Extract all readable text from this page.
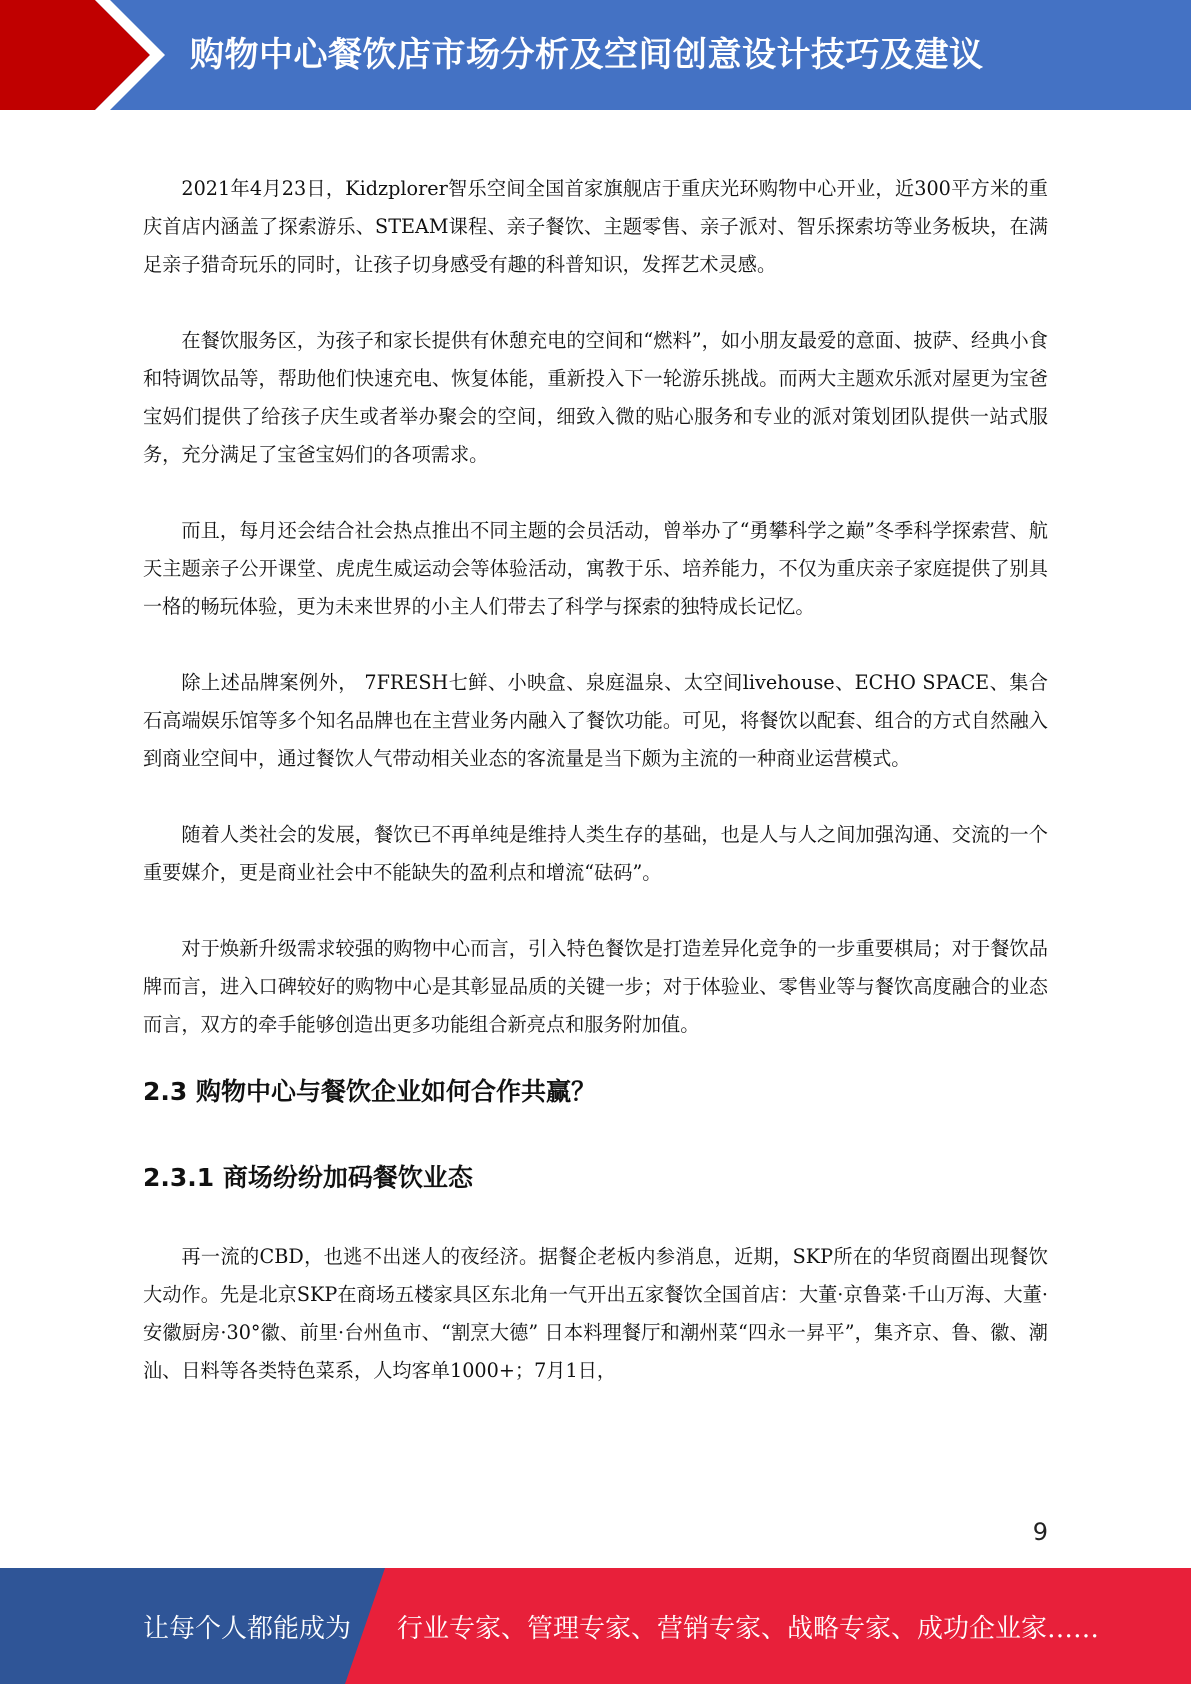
购物中心餐饮店市场分析及空间创意设计技巧及建议

2021年4月23日，Kidzplorer智乐空间全国首家旗舰店于重庆光环购物中心开业，近300平方米的重庆首店内涵盖了探索游乐、STEAM课程、亲子餐饮、主题零售、亲子派对、智乐探索坊等业务板块，在满足亲子猎奇玩乐的同时，让孩子切身感受有趣的科普知识，发挥艺术灵感。

在餐饮服务区，为孩子和家长提供有休憩充电的空间和“燃料”，如小朋友最爱的意面、披萨、经典小食和特调饮品等，帮助他们快速充电、恢复体能，重新投入下一轮游乐挑战。而两大主题欢乐派对屋更为宝爸宝妈们提供了给孩子庆生或者举办聚会的空间，细致入微的贴心服务和专业的派对策划团队提供一站式服务，充分满足了宝爸宝妈们的各项需求。

而且，每月还会结合社会热点推出不同主题的会员活动，曾举办了“勇攀科学之巅”冬季科学探索营、航天主题亲子公开课堂、虎虎生威运动会等体验活动，寓教于乐、培养能力，不仅为重庆亲子家庭提供了别具一格的畅玩体验，更为未来世界的小主人们带去了科学与探索的独特成长记忆。

除上述品牌案例外， 7FRESH七鲜、小映盒、泉庭温泉、太空间livehouse、ECHO SPACE、集合石高端娱乐馆等多个知名品牌也在主营业务内融入了餐饮功能。可见，将餐饮以配套、组合的方式自然融入到商业空间中，通过餐饮人气带动相关业态的客流量是当下颇为主流的一种商业运营模式。

随着人类社会的发展，餐饮已不再单纯是维持人类生存的基础，也是人与人之间加强沟通、交流的一个重要媒介，更是商业社会中不能缺失的盈利点和增流“砝码”。

对于焕新升级需求较强的购物中心而言，引入特色餐饮是打造差异化竞争的一步重要棋局；对于餐饮品牌而言，进入口碑较好的购物中心是其彰显品质的关键一步；对于体验业、零售业等与餐饮高度融合的业态而言，双方的牵手能够创造出更多功能组合新亮点和服务附加值。

2.3 购物中心与餐饮企业如何合作共赢？
2.3.1 商场纷纷加码餐饮业态

再一流的CBD，也逃不出迷人的夜经济。据餐企老板内参消息，近期，SKP所在的华贸商圈出现餐饮大动作。先是北京SKP在商场五楼家具区东北角一气开出五家餐饮全国首店：大董·京鲁菜·千山万海、大董·安徽厨房·30°徽、前里·台州鱼市、“割烹大德” 日本料理餐厅和潮州菜“四永一昇平”，集齐京、鲁、徽、潮汕、日料等各类特色菜系，人均客单1000+；7月1日，

9
让每个人都能成为 行业专家、管理专家、营销专家、战略专家、成功企业家……
